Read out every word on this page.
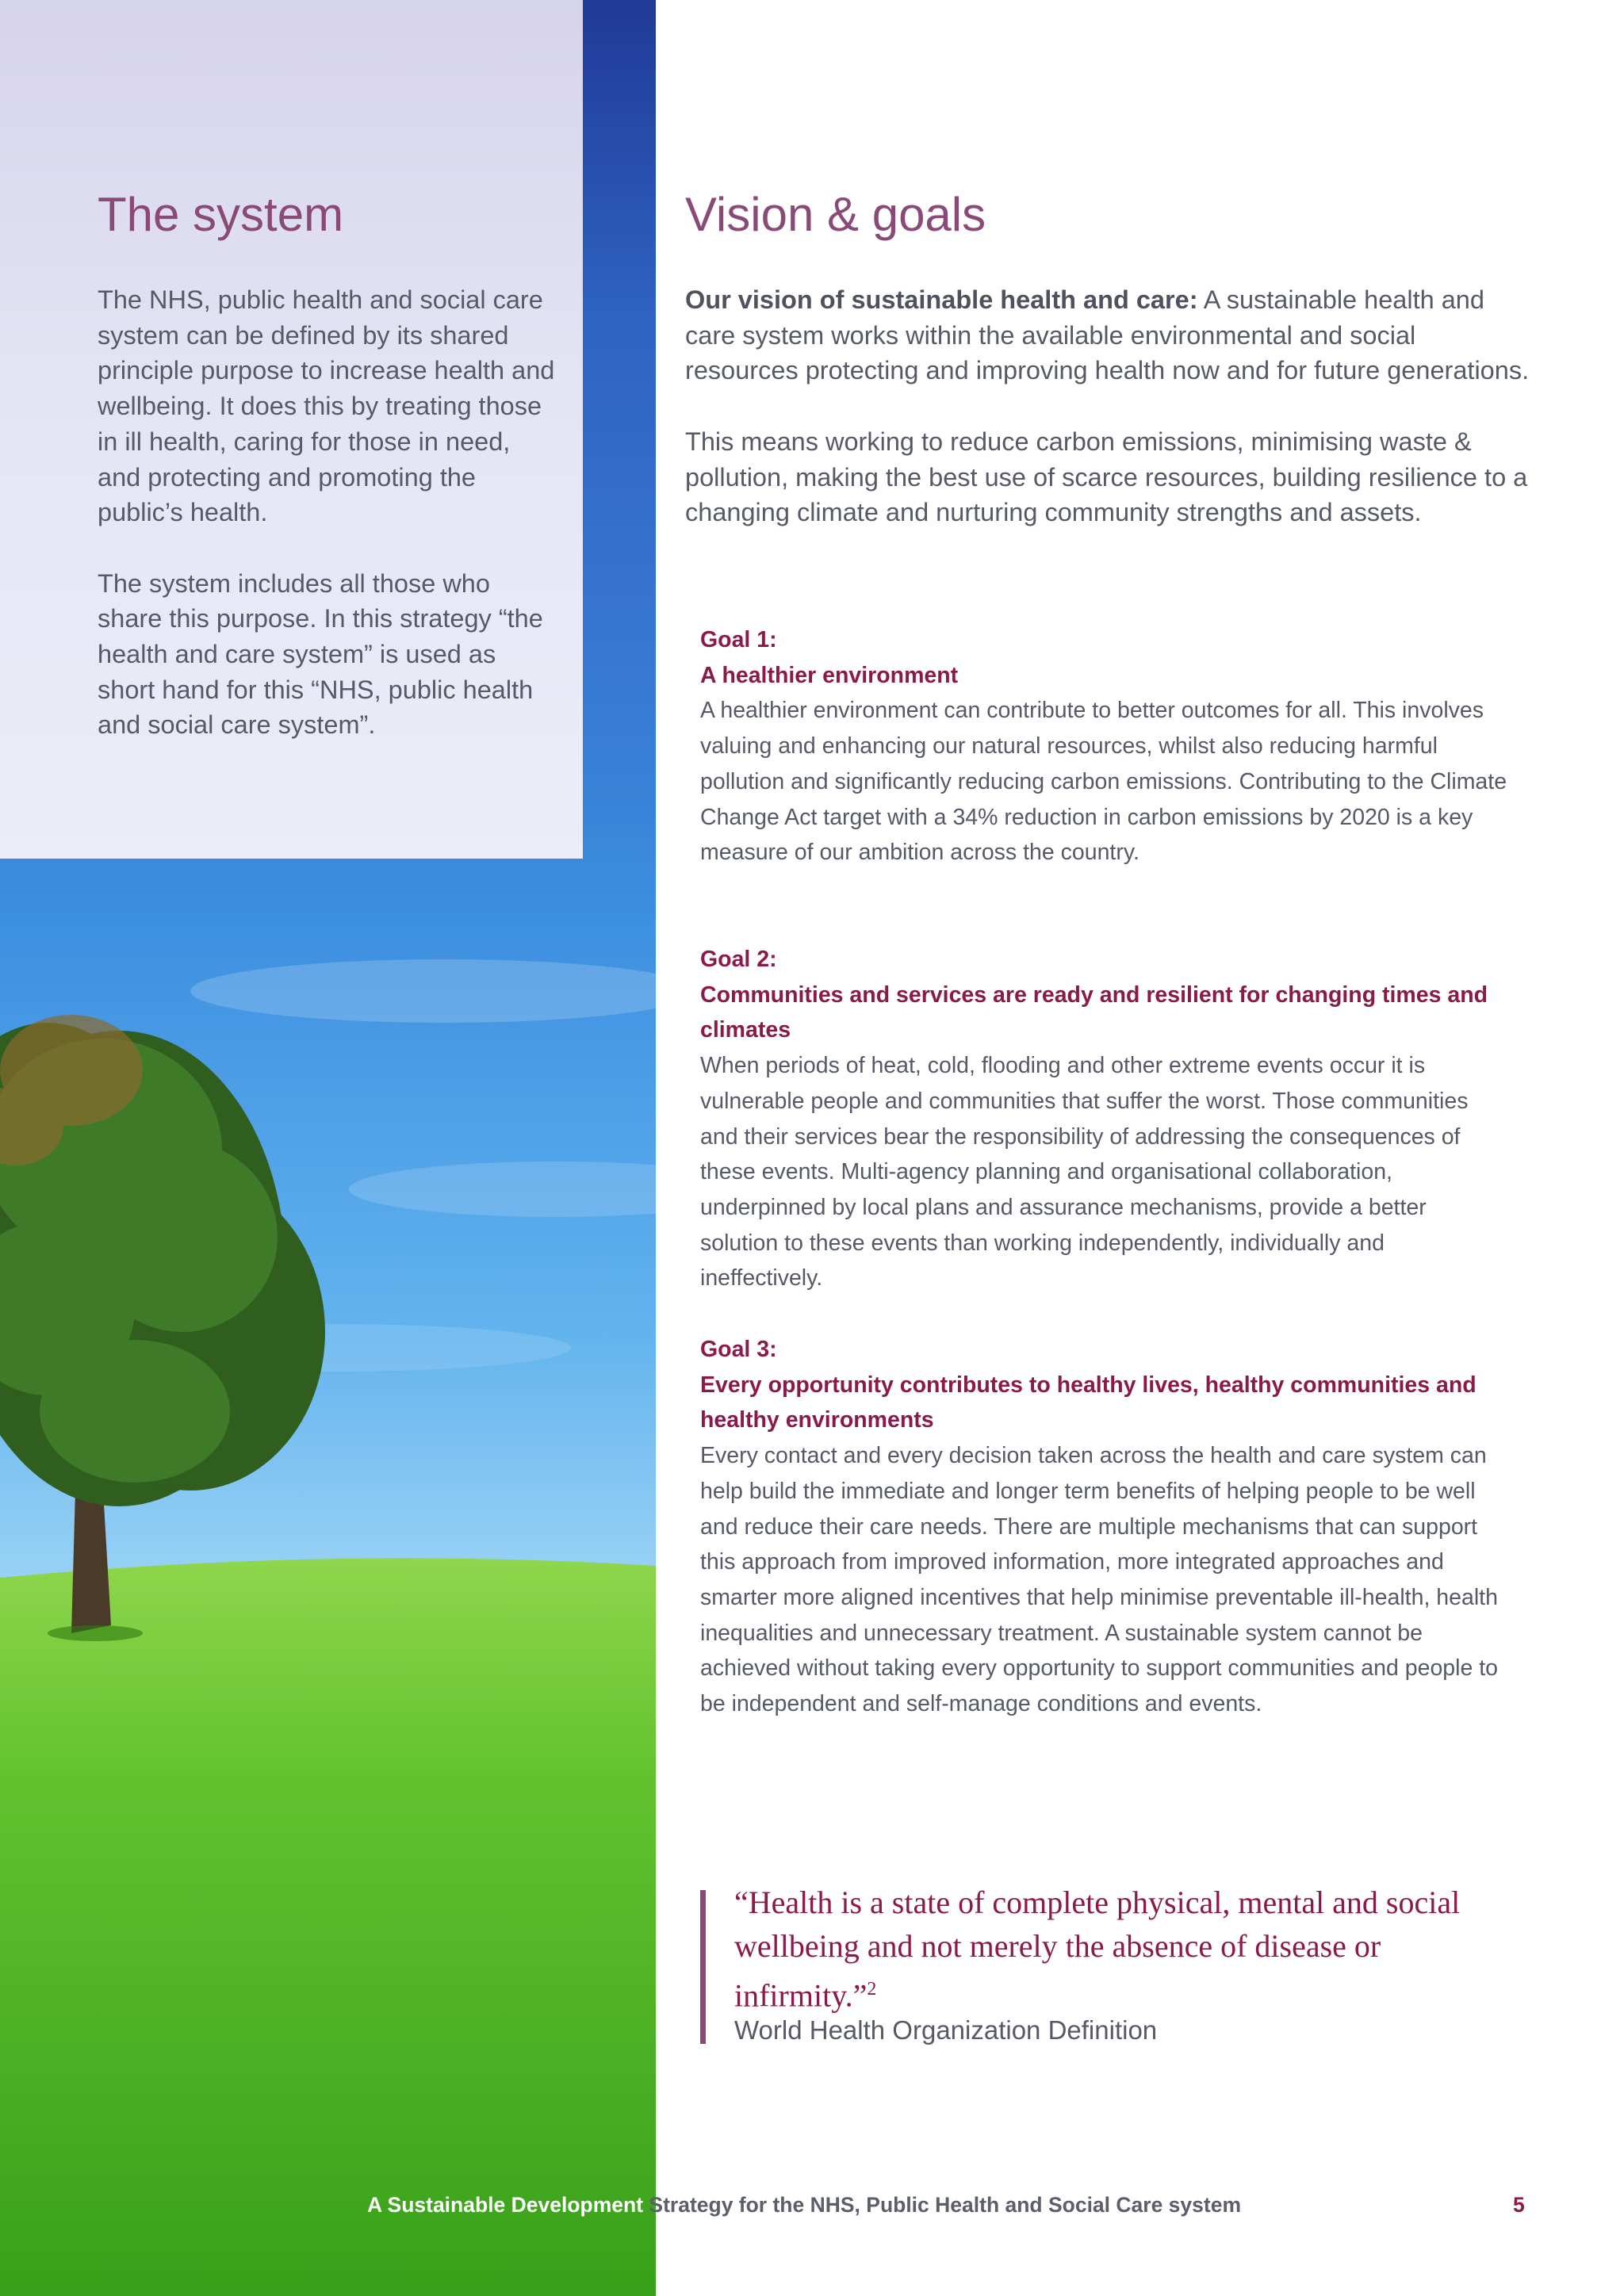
The system

The NHS, public health and social care system can be defined by its shared principle purpose to increase health and wellbeing. It does this by treating those in ill health, caring for those in need, and protecting and promoting the public’s health.

The system includes all those who share this purpose. In this strategy “the health and care system” is used as short hand for this “NHS, public health and social care system”.

Vision & goals

Our vision of sustainable health and care: A sustainable health and care system works within the available environmental and social resources protecting and improving health now and for future generations.

This means working to reduce carbon emissions, minimising waste & pollution, making the best use of scarce resources, building resilience to a changing climate and nurturing community strengths and assets.

Goal 1:
A healthier environment
A healthier environment can contribute to better outcomes for all. This involves valuing and enhancing our natural resources, whilst also reducing harmful pollution and significantly reducing carbon emissions. Contributing to the Climate Change Act target with a 34% reduction in carbon emissions by 2020 is a key measure of our ambition across the country.
Goal 2:
Communities and services are ready and resilient for changing times and climates
When periods of heat, cold, flooding and other extreme events occur it is vulnerable people and communities that suffer the worst. Those communities and their services bear the responsibility of addressing the consequences of these events. Multi-agency planning and organisational collaboration, underpinned by local plans and assurance mechanisms, provide a better solution to these events than working independently, individually and ineffectively.
Goal 3:
Every opportunity contributes to healthy lives, healthy communities and healthy environments
Every contact and every decision taken across the health and care system can help build the immediate and longer term benefits of helping people to be well and reduce their care needs. There are multiple mechanisms that can support this approach from improved information, more integrated approaches and smarter more aligned incentives that help minimise preventable ill-health, health inequalities and unnecessary treatment. A sustainable system cannot be achieved without taking every opportunity to support communities and people to be independent and self-manage conditions and events.
“Health is a state of complete physical, mental and social wellbeing and not merely the absence of disease or infirmity.”$^2$
World Health Organization Definition
A Sustainable Development Strategy for the NHS, Public Health and Social Care system	5
